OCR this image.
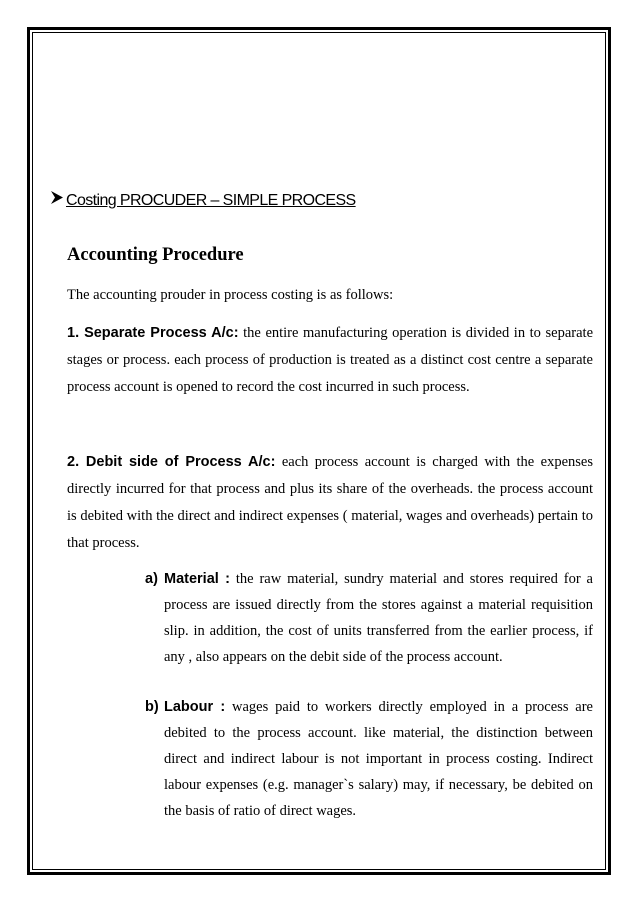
Costing PROCUDER – SIMPLE PROCESS
Accounting Procedure
The accounting prouder in process costing is as follows:
1. Separate Process A/c: the entire manufacturing operation is divided in to separate stages or process. each process of production is treated as a distinct cost centre a separate process account is opened to record the cost incurred in such process.
2. Debit side of Process A/c: each process account is charged with the expenses directly incurred for that process and plus its share of the overheads. the process account is debited with the direct and indirect expenses ( material, wages and overheads) pertain to that process.
a) Material : the raw material, sundry material and stores required for a process are issued directly from the stores against a material requisition slip. in addition, the cost of units transferred from the earlier process, if any , also appears on the debit side of the process account.
b) Labour : wages paid to workers directly employed in a process are debited to the process account. like material, the distinction between direct and indirect labour is not important in process costing. Indirect labour expenses (e.g. manager`s salary) may, if necessary, be debited on the basis of ratio of direct wages.
